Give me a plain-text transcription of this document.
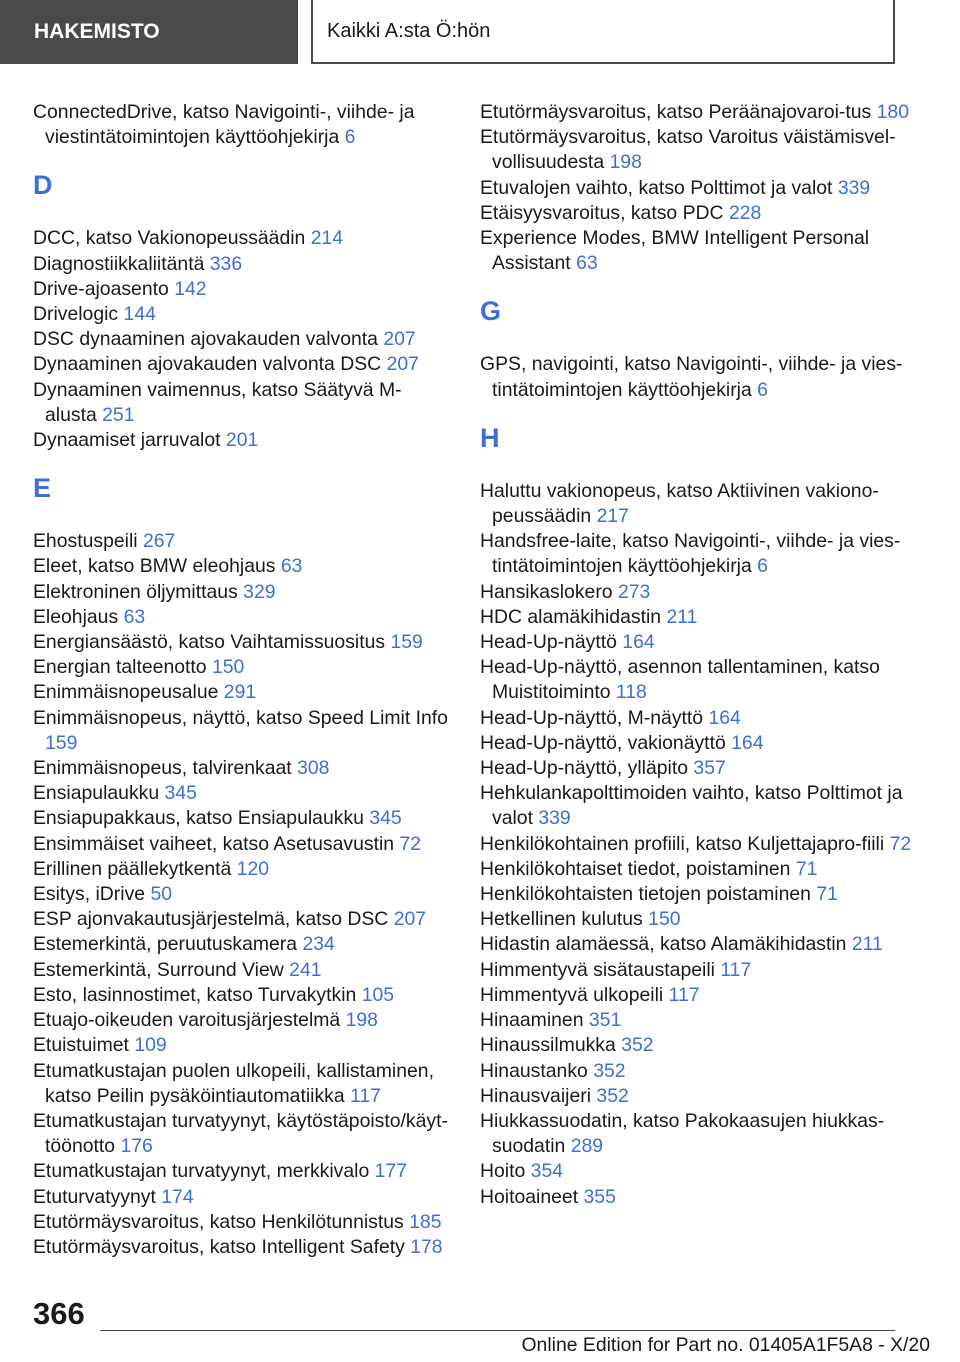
HAKEMISTO	Kaikki A:sta Ö:hön

ConnectedDrive, katso Navigointi-, viihde- ja viestintätoimintojen käyttöohjekirja 6

D

DCC, katso Vakionopeussäädin 214

Diagnostiikkaliitäntä 336

Drive-ajoasento 142

Drivelogic 144

DSC dynaaminen ajovakauden valvonta 207

Dynaaminen ajovakauden valvonta DSC 207

Dynaaminen vaimennus, katso Säätyvä M-alusta 251

Dynaamiset jarruvalot 201

E

Ehostuspeili 267

Eleet, katso BMW eleohjaus 63

Elektroninen öljymittaus 329

Eleohjaus 63

Energiansäästö, katso Vaihtamissuositus 159

Energian talteenotto 150

Enimmäisnopeusalue 291

Enimmäisnopeus, näyttö, katso Speed Limit Info 159

Enimmäisnopeus, talvirenkaat 308

Ensiapulaukku 345

Ensiapupakkaus, katso Ensiapulaukku 345

Ensimmäiset vaiheet, katso Asetusavustin 72

Erillinen päällekytkentä 120

Esitys, iDrive 50

ESP ajonvakautusjärjestelmä, katso DSC 207

Estemerkintä, peruutuskamera 234

Estemerkintä, Surround View 241

Esto, lasinnostimet, katso Turvakytkin 105

Etuajo-oikeuden varoitusjärjestelmä 198

Etuistuimet 109

Etumatkustajan puolen ulkopeili, kallistaminen, katso Peilin pysäköintiautomatiikka 117

Etumatkustajan turvatyynyt, käytöstäpoisto/käyt-töönotto 176

Etumatkustajan turvatyynyt, merkkivalo 177

Etuturvatyynyt 174

Etutörmäysvaroitus, katso Henkilötunnistus 185

Etutörmäysvaroitus, katso Intelligent Safety 178

Etutörmäysvaroitus, katso Peräänajovaroi-tus 180

Etutörmäysvaroitus, katso Varoitus väistämisvel-vollisuudesta 198

Etuvalojen vaihto, katso Polttimot ja valot 339

Etäisyysvaroitus, katso PDC 228

Experience Modes, BMW Intelligent Personal Assistant 63

G

GPS, navigointi, katso Navigointi-, viihde- ja vies-tintätoimintojen käyttöohjekirja 6

H

Haluttu vakionopeus, katso Aktiivinen vakiono-peussäädin 217

Handsfree-laite, katso Navigointi-, viihde- ja vies-tintätoimintojen käyttöohjekirja 6

Hansikaslokero 273

HDC alamäkihidastin 211

Head-Up-näyttö 164

Head-Up-näyttö, asennon tallentaminen, katso Muistitoiminto 118

Head-Up-näyttö, M-näyttö 164

Head-Up-näyttö, vakionäyttö 164

Head-Up-näyttö, ylläpito 357

Hehkulankapolttimoiden vaihto, katso Polttimot ja valot 339

Henkilökohtainen profiili, katso Kuljettajapro-fiili 72

Henkilökohtaiset tiedot, poistaminen 71

Henkilökohtaisten tietojen poistaminen 71

Hetkellinen kulutus 150

Hidastin alamäessä, katso Alamäkihidastin 211

Himmentyvä sisätaustapeili 117

Himmentyvä ulkopeili 117

Hinaaminen 351

Hinaussilmukka 352

Hinaustanko 352

Hinausvaijeri 352

Hiukkassuodatin, katso Pakokaasujen hiukkas-suodatin 289

Hoito 354

Hoitoaineet 355

366
Online Edition for Part no. 01405A1F5A8 - X/20
